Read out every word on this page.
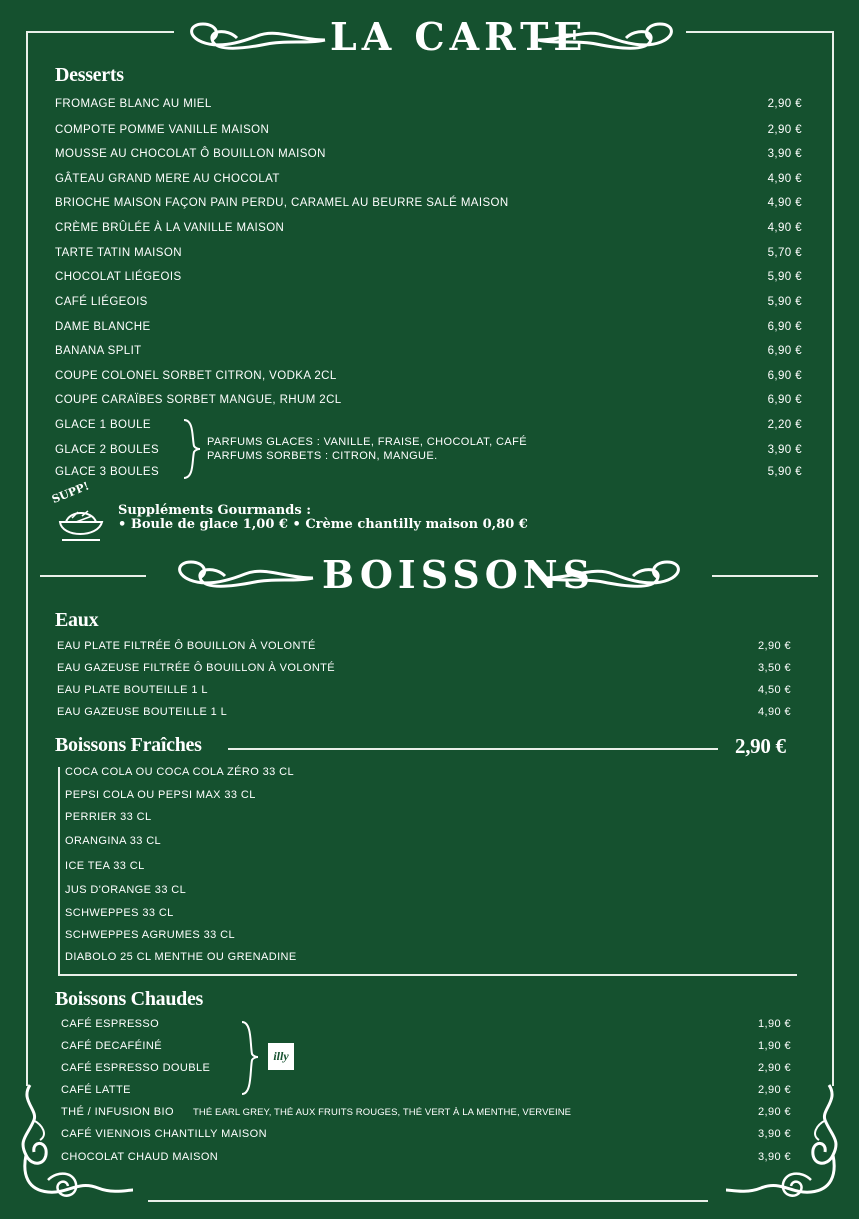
LA CARTE
Desserts
FROMAGE BLANC AU MIEL	2,90 €
COMPOTE POMME VANILLE MAISON	2,90 €
MOUSSE AU CHOCOLAT Ô BOUILLON MAISON	3,90 €
GÂTEAU GRAND MERE AU CHOCOLAT	4,90 €
BRIOCHE MAISON FAÇON PAIN PERDU, CARAMEL AU BEURRE SALÉ MAISON	4,90 €
CRÈME BRÛLÉE À LA VANILLE MAISON	4,90 €
TARTE TATIN MAISON	5,70 €
CHOCOLAT LIÉGEOIS	5,90 €
CAFÉ LIÉGEOIS	5,90 €
DAME BLANCHE	6,90 €
BANANA SPLIT	6,90 €
COUPE COLONEL SORBET CITRON, VODKA 2CL	6,90 €
COUPE CARAÏBES SORBET MANGUE, RHUM 2CL	6,90 €
GLACE 1 BOULE	2,20 €
GLACE 2 BOULES	3,90 €
GLACE 3 BOULES	5,90 €
PARFUMS GLACES : VANILLE, FRAISE, CHOCOLAT, CAFÉ
PARFUMS SORBETS : CITRON, MANGUE.
SUPP!
Suppléments Gourmands :
• Boule de glace 1,00 € • Crème chantilly maison 0,80 €
BOISSONS
Eaux
EAU PLATE FILTRÉE Ô BOUILLON À VOLONTÉ	2,90 €
EAU GAZEUSE FILTRÉE Ô BOUILLON À VOLONTÉ	3,50 €
EAU PLATE BOUTEILLE 1 L	4,50 €
EAU GAZEUSE BOUTEILLE 1 L	4,90 €
Boissons Fraîches	2,90 €
COCA COLA OU COCA COLA ZÉRO 33 CL
PEPSI COLA OU PEPSI MAX 33 CL
PERRIER 33 CL
ORANGINA 33 CL
ICE TEA 33 CL
JUS D'ORANGE 33 CL
SCHWEPPES 33 CL
SCHWEPPES AGRUMES 33 CL
DIABOLO 25 CL MENTHE OU GRENADINE
Boissons Chaudes
illy
CAFÉ ESPRESSO	1,90 €
CAFÉ DECAFÉINÉ	1,90 €
CAFÉ ESPRESSO DOUBLE	2,90 €
CAFÉ LATTE	2,90 €
THÉ / INFUSION BIO THÉ EARL GREY, THÉ AUX FRUITS ROUGES, THÉ VERT À LA MENTHE, VERVEINE	2,90 €
CAFÉ VIENNOIS CHANTILLY MAISON	3,90 €
CHOCOLAT CHAUD MAISON	3,90 €
